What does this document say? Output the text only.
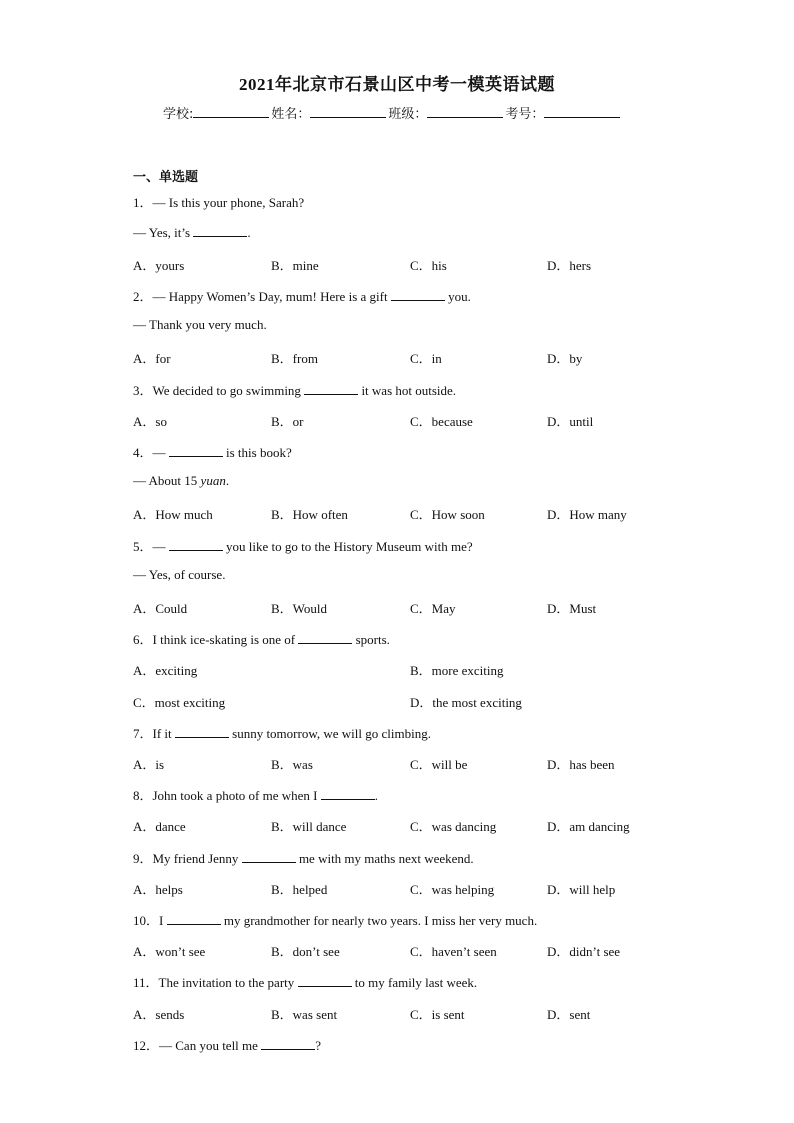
2021年北京市石景山区中考一模英语试题
学校:	姓名：	班级：	考号：
一、单选题
1．— Is this your phone, Sarah?
— Yes, it’s	.
A．yours	B．mine	C．his	D．hers
2．— Happy Women’s Day, mum! Here is a gift	you.
— Thank you very much.
A．for	B．from	C．in	D．by
3．We decided to go swimming	it was hot outside.
A．so	B．or	C．because	D．until
4．—	is this book?
— About 15 yuan.
A．How much	B．How often	C．How soon	D．How many
5．—	you like to go to the History Museum with me?
— Yes, of course.
A．Could	B．Would	C．May	D．Must
6．I think ice-skating is one of	sports.
A．exciting	B．more exciting
C．most exciting	D．the most exciting
7．If it	sunny tomorrow, we will go climbing.
A．is	B．was	C．will be	D．has been
8．John took a photo of me when I	.
A．dance	B．will dance	C．was dancing	D．am dancing
9．My friend Jenny	me with my maths next weekend.
A．helps	B．helped	C．was helping	D．will help
10．I	my grandmother for nearly two years. I miss her very much.
A．won’t see	B．don’t see	C．haven’t seen	D．didn’t see
11．The invitation to the party	to my family last week.
A．sends	B．was sent	C．is sent	D．sent
12．— Can you tell me	?
